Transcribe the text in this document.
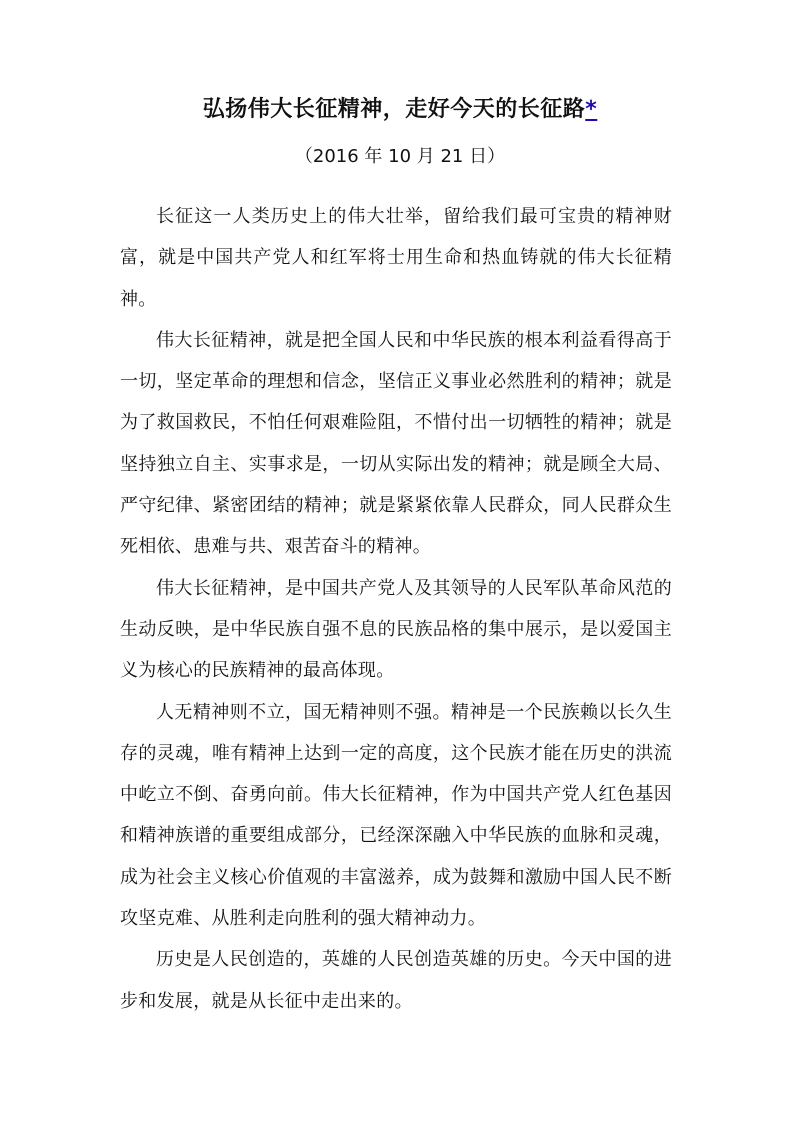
弘扬伟大长征精神，走好今天的长征路*
（2016 年 10 月 21 日）

长征这一人类历史上的伟大壮举，留给我们最可宝贵的精神财富，就是中国共产党人和红军将士用生命和热血铸就的伟大长征精神。

伟大长征精神，就是把全国人民和中华民族的根本利益看得高于一切，坚定革命的理想和信念，坚信正义事业必然胜利的精神；就是为了救国救民，不怕任何艰难险阻，不惜付出一切牺牲的精神；就是坚持独立自主、实事求是，一切从实际出发的精神；就是顾全大局、严守纪律、紧密团结的精神；就是紧紧依靠人民群众，同人民群众生死相依、患难与共、艰苦奋斗的精神。

伟大长征精神，是中国共产党人及其领导的人民军队革命风范的生动反映，是中华民族自强不息的民族品格的集中展示，是以爱国主义为核心的民族精神的最高体现。

人无精神则不立，国无精神则不强。精神是一个民族赖以长久生存的灵魂，唯有精神上达到一定的高度，这个民族才能在历史的洪流中屹立不倒、奋勇向前。伟大长征精神，作为中国共产党人红色基因和精神族谱的重要组成部分，已经深深融入中华民族的血脉和灵魂，成为社会主义核心价值观的丰富滋养，成为鼓舞和激励中国人民不断攻坚克难、从胜利走向胜利的强大精神动力。

历史是人民创造的，英雄的人民创造英雄的历史。今天中国的进步和发展，就是从长征中走出来的。
